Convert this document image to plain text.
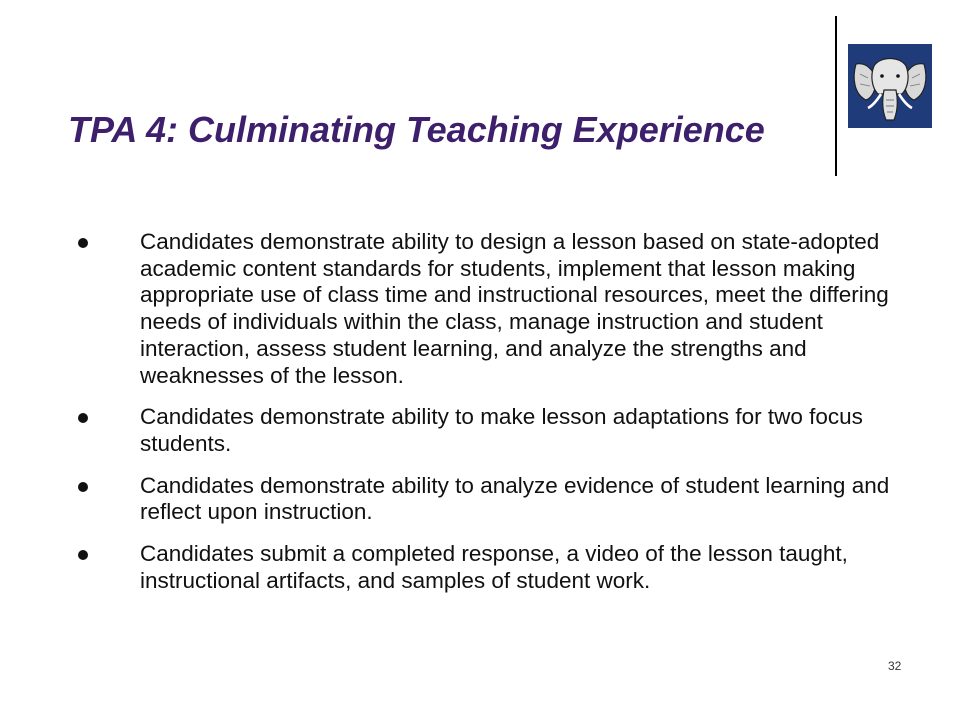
TPA 4: Culminating Teaching Experience
Candidates demonstrate ability to design a lesson based on state-adopted academic content standards for students, implement that lesson making appropriate use of class time and instructional resources, meet the differing needs of individuals within the class, manage instruction and student interaction, assess student learning, and analyze the strengths and weaknesses of the lesson.
Candidates demonstrate ability to make lesson adaptations for two focus students.
Candidates demonstrate ability to analyze evidence of student learning and reflect upon instruction.
Candidates submit a completed response, a video of the lesson taught, instructional artifacts, and samples of student work.
32
